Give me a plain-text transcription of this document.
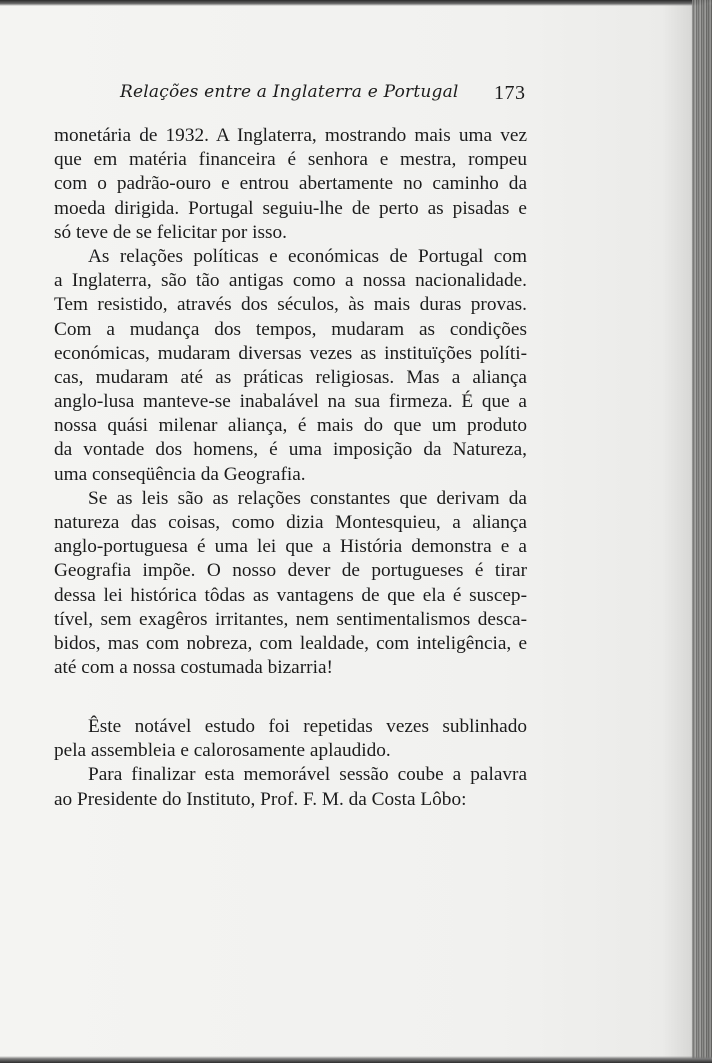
Relações entre a Inglaterra e Portugal 173
monetária de 1932. A Inglaterra, mostrando mais uma vez
que em matéria financeira é senhora e mestra, rompeu
com o padrão-ouro e entrou abertamente no caminho da
moeda dirigida. Portugal seguiu-lhe de perto as pisadas e
só teve de se felicitar por isso.
As relações políticas e económicas de Portugal com
a Inglaterra, são tão antigas como a nossa nacionalidade.
Tem resistido, através dos séculos, às mais duras provas.
Com a mudança dos tempos, mudaram as condições
económicas, mudaram diversas vezes as instituïções políti-
cas, mudaram até as práticas religiosas. Mas a aliança
anglo-lusa manteve-se inabalável na sua firmeza. É que a
nossa quási milenar aliança, é mais do que um produto
da vontade dos homens, é uma imposição da Natureza,
uma conseqüência da Geografia.
Se as leis são as relações constantes que derivam da
natureza das coisas, como dizia Montesquieu, a aliança
anglo-portuguesa é uma lei que a História demonstra e a
Geografia impõe. O nosso dever de portugueses é tirar
dessa lei histórica tôdas as vantagens de que ela é suscep-
tível, sem exagêros irritantes, nem sentimentalismos desca-
bidos, mas com nobreza, com lealdade, com inteligência, e
até com a nossa costumada bizarria!
Êste notável estudo foi repetidas vezes sublinhado
pela assembleia e calorosamente aplaudido.
Para finalizar esta memorável sessão coube a palavra
ao Presidente do Instituto, Prof. F. M. da Costa Lôbo:
